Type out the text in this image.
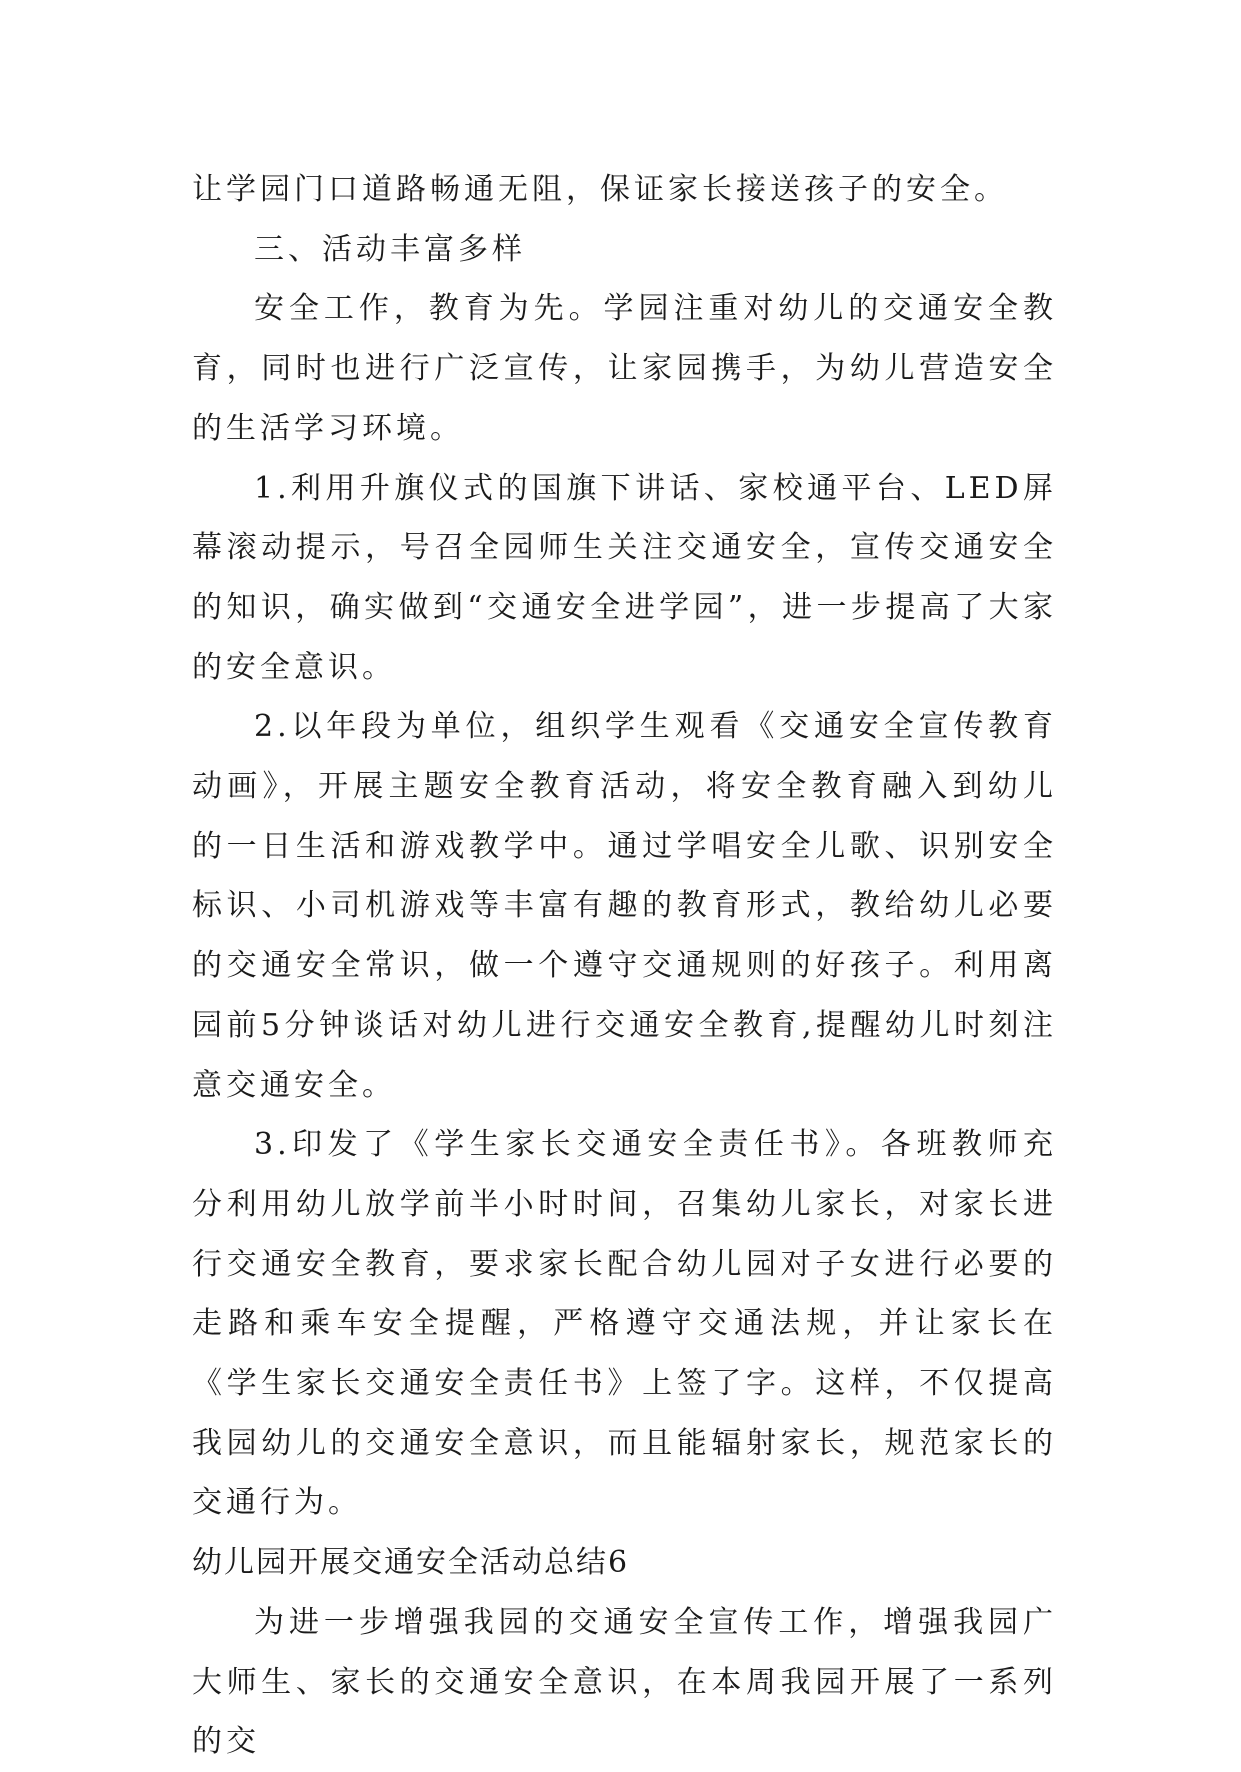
让学园门口道路畅通无阻，保证家长接送孩子的安全。

三、活动丰富多样

安全工作，教育为先。学园注重对幼儿的交通安全教育，同时也进行广泛宣传，让家园携手，为幼儿营造安全的生活学习环境。

1.利用升旗仪式的国旗下讲话、家校通平台、LED屏幕滚动提示，号召全园师生关注交通安全，宣传交通安全的知识，确实做到“交通安全进学园”，进一步提高了大家的安全意识。

2.以年段为单位，组织学生观看《交通安全宣传教育动画》，开展主题安全教育活动，将安全教育融入到幼儿的一日生活和游戏教学中。通过学唱安全儿歌、识别安全标识、小司机游戏等丰富有趣的教育形式，教给幼儿必要的交通安全常识，做一个遵守交通规则的好孩子。利用离园前5分钟谈话对幼儿进行交通安全教育,提醒幼儿时刻注意交通安全。

3.印发了《学生家长交通安全责任书》。各班教师充分利用幼儿放学前半小时时间，召集幼儿家长，对家长进行交通安全教育，要求家长配合幼儿园对子女进行必要的走路和乘车安全提醒，严格遵守交通法规，并让家长在《学生家长交通安全责任书》上签了字。这样，不仅提高我园幼儿的交通安全意识，而且能辐射家长，规范家长的交通行为。

幼儿园开展交通安全活动总结6

为进一步增强我园的交通安全宣传工作，增强我园广大师生、家长的交通安全意识，在本周我园开展了一系列的交
